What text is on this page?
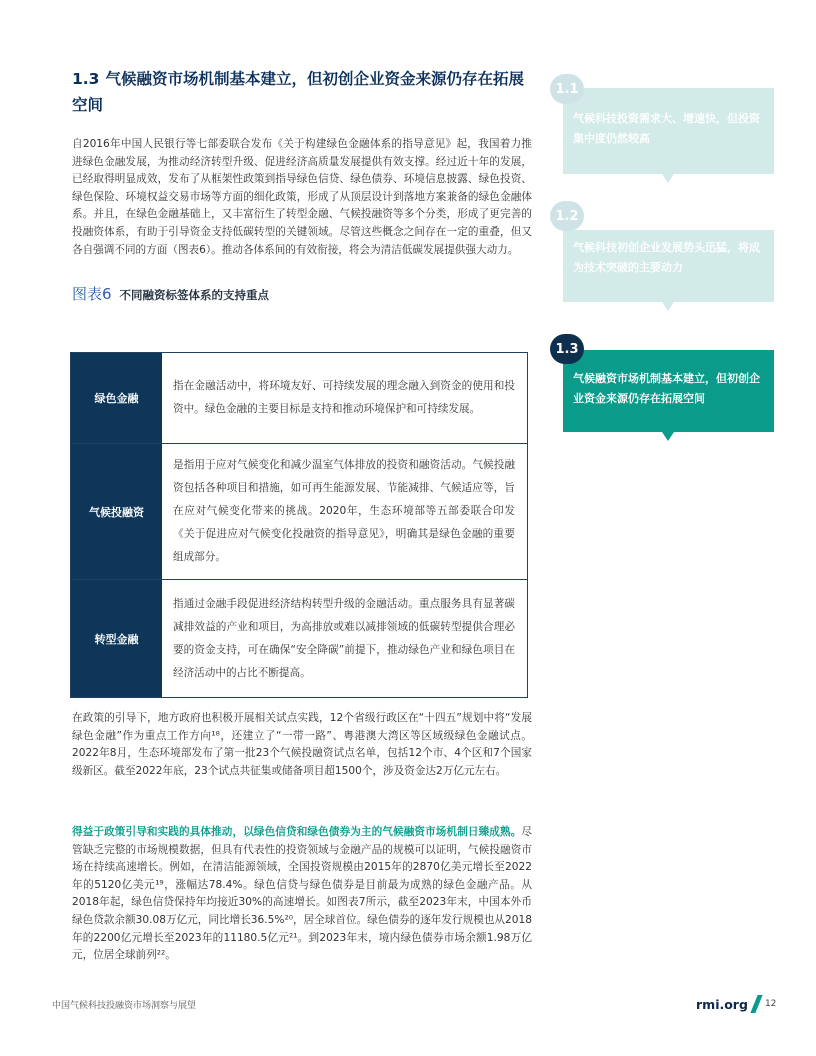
1.3 气候融资市场机制基本建立，但初创企业资金来源仍存在拓展空间

自2016年中国人民银行等七部委联合发布《关于构建绿色金融体系的指导意见》起，我国着力推进绿色金融发展，为推动经济转型升级、促进经济高质量发展提供有效支撑。经过近十年的发展，已经取得明显成效，发布了从框架性政策到指导绿色信贷、绿色债券、环境信息披露、绿色投资、绿色保险、环境权益交易市场等方面的细化政策，形成了从顶层设计到落地方案兼备的绿色金融体系。并且，在绿色金融基础上，又丰富衍生了转型金融、气候投融资等多个分类，形成了更完善的投融资体系，有助于引导资金支持低碳转型的关键领域。尽管这些概念之间存在一定的重叠，但又各自强调不同的方面（图表6）。推动各体系间的有效衔接，将会为清洁低碳发展提供强大动力。

图表6 不同融资标签体系的支持重点
绿色金融
指在金融活动中，将环境友好、可持续发展的理念融入到资金的使用和投资中。绿色金融的主要目标是支持和推动环境保护和可持续发展。
气候投融资
是指用于应对气候变化和减少温室气体排放的投资和融资活动。气候投融资包括各种项目和措施，如可再生能源发展、节能减排、气候适应等，旨在应对气候变化带来的挑战。2020年，生态环境部等五部委联合印发《关于促进应对气候变化投融资的指导意见》，明确其是绿色金融的重要组成部分。
转型金融
指通过金融手段促进经济结构转型升级的金融活动。重点服务具有显著碳减排效益的产业和项目，为高排放或难以减排领域的低碳转型提供合理必要的资金支持，可在确保“安全降碳”前提下，推动绿色产业和绿色项目在经济活动中的占比不断提高。

在政策的引导下，地方政府也积极开展相关试点实践，12个省级行政区在“十四五”规划中将“发展绿色金融”作为重点工作方向¹⁸，还建立了“一带一路”、粤港澳大湾区等区域级绿色金融试点。2022年8月，生态环境部发布了第一批23个气候投融资试点名单，包括12个市、4个区和7个国家级新区。截至2022年底，23个试点共征集或储备项目超1500个，涉及资金达2万亿元左右。

得益于政策引导和实践的具体推动，以绿色信贷和绿色债券为主的气候融资市场机制日臻成熟。尽管缺乏完整的市场规模数据，但具有代表性的投资领域与金融产品的规模可以证明，气候投融资市场在持续高速增长。例如，在清洁能源领域，全国投资规模由2015年的2870亿美元增长至2022年的5120亿美元¹⁹，涨幅达78.4%。绿色信贷与绿色债券是目前最为成熟的绿色金融产品。从2018年起，绿色信贷保持年均接近30%的高速增长。如图表7所示，截至2023年末，中国本外币绿色贷款余额30.08万亿元，同比增长36.5%²⁰，居全球首位。绿色债券的逐年发行规模也从2018年的2200亿元增长至2023年的11180.5亿元²¹。到2023年末，境内绿色债券市场余额1.98万亿元，位居全球前列²²。

气候科技投资需求大、增速快，但投资集中度仍然较高
1.1
气候科技初创企业发展势头迅猛，将成为技术突破的主要动力
1.2
气候融资市场机制基本建立，但初创企业资金来源仍存在拓展空间
1.3
中国气候科技投融资市场洞察与展望	rmi.org 12
